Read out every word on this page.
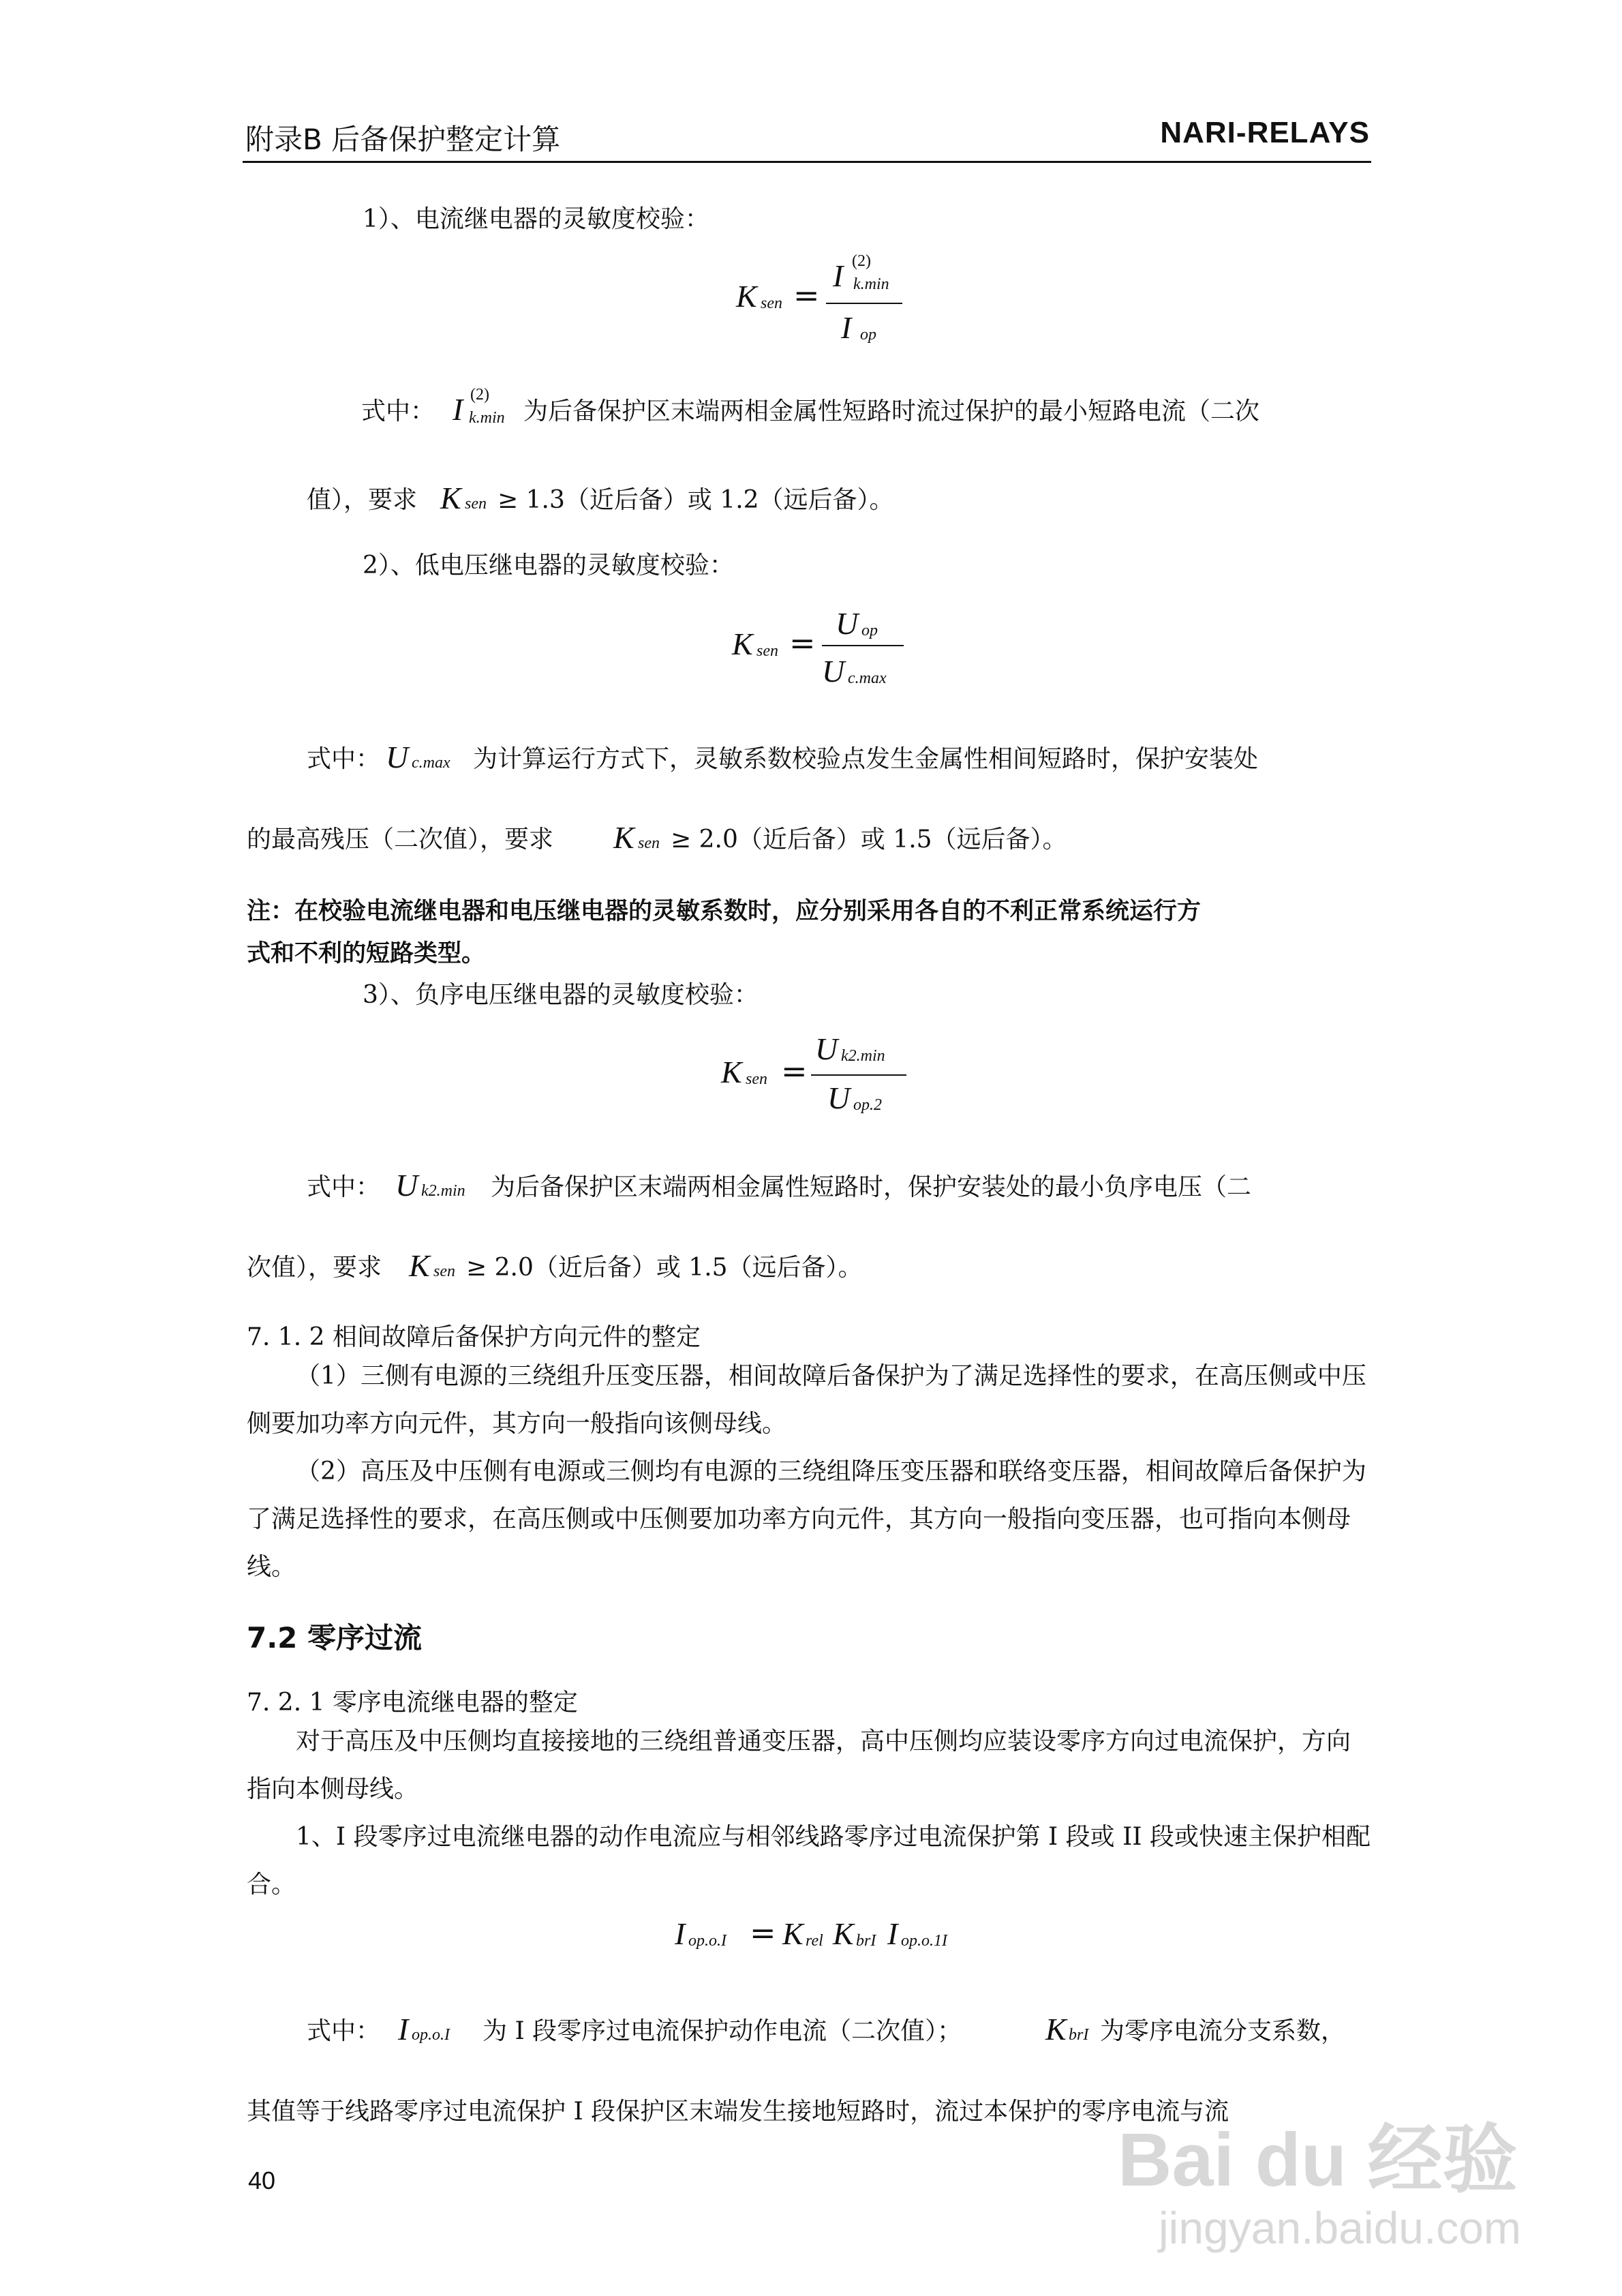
附录B 后备保护整定计算	NARI-RELAYS
1）、电流继电器的灵敏度校验：
K sen =
I (2)
k.min
I op
式中： I (2)
k.min 为后备保护区末端两相金属性短路时流过保护的最小短路电流（二次
值），要求 K sen ≥ 1.3（近后备）或 1.2（远后备）。
2）、低电压继电器的灵敏度校验：
K sen =
U op
U c.max
式中： U c.max 为计算运行方式下，灵敏系数校验点发生金属性相间短路时，保护安装处
的最高残压（二次值），要求 K sen ≥ 2.0（近后备）或 1.5（远后备）。
注：在校验电流继电器和电压继电器的灵敏系数时，应分别采用各自的不利正常系统运行方
式和不利的短路类型。
3）、负序电压继电器的灵敏度校验：
K sen =
U k2.min
U op.2
式中： U k2.min 为后备保护区末端两相金属性短路时，保护安装处的最小负序电压（二
次值），要求 K sen ≥ 2.0（近后备）或 1.5（远后备）。
7. 1. 2 相间故障后备保护方向元件的整定
（1）三侧有电源的三绕组升压变压器，相间故障后备保护为了满足选择性的要求，在高压侧或中压侧要加功率方向元件，其方向一般指向该侧母线。
（2）高压及中压侧有电源或三侧均有电源的三绕组降压变压器和联络变压器，相间故障后备保护为了满足选择性的要求，在高压侧或中压侧要加功率方向元件，其方向一般指向变压器，也可指向本侧母线。
7.2 零序过流
7. 2. 1 零序电流继电器的整定
对于高压及中压侧均直接接地的三绕组普通变压器，高中压侧均应装设零序方向过电流保护，方向指向本侧母线。
1、I 段零序过电流继电器的动作电流应与相邻线路零序过电流保护第 I 段或 II 段或快速主保护相配合。
I op.o.I = K rel K brI I op.o.1I
式中： I op.o.I 为 I 段零序过电流保护动作电流（二次值）；	K brI 为零序电流分支系数，
其值等于线路零序过电流保护 I 段保护区末端发生接地短路时，流过本保护的零序电流与流
40	Bai du 经验
jingyan.baidu.com
